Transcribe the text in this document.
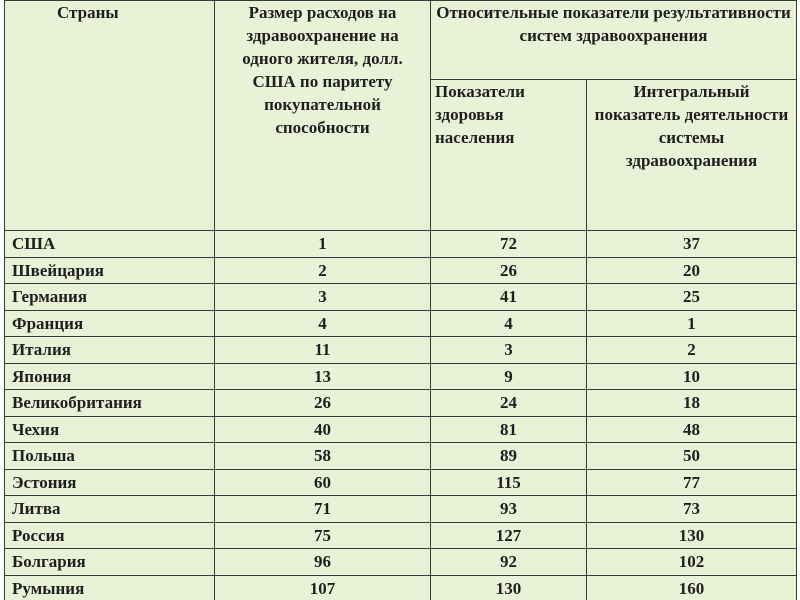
Страны	Размер расходов на здравоохранение на одного жителя, долл. США по паритету покупательной способности	Относительные показатели результативности систем здравоохранения	
		Показатели здоровья населения	Интегральный показатель деятельности системы здравоохранения
США	1	72	37
Швейцария	2	26	20
Германия	3	41	25
Франция	4	4	1
Италия	11	3	2
Япония	13	9	10
Великобритания	26	24	18
Чехия	40	81	48
Польша	58	89	50
Эстония	60	115	77
Литва	71	93	73
Россия	75	127	130
Болгария	96	92	102
Румыния	107	130	160
